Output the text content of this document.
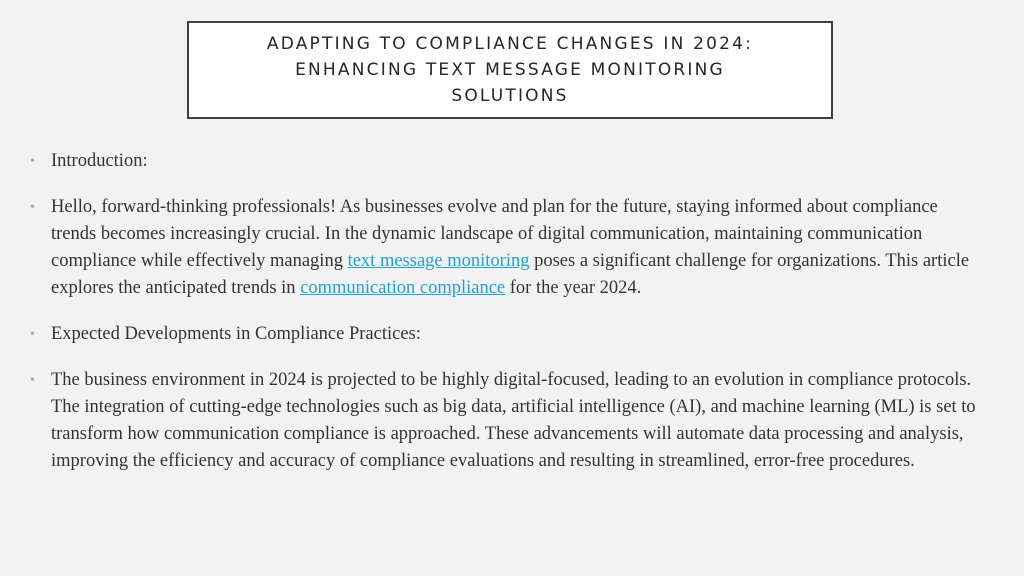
ADAPTING TO COMPLIANCE CHANGES IN 2024:
ENHANCING TEXT MESSAGE MONITORING
SOLUTIONS
• Introduction:
• Hello, forward-thinking professionals! As businesses evolve and plan for the future, staying informed about compliance trends becomes increasingly crucial. In the dynamic landscape of digital communication, maintaining communication compliance while effectively managing text message monitoring poses a significant challenge for organizations. This article explores the anticipated trends in communication compliance for the year 2024.
• Expected Developments in Compliance Practices:
• The business environment in 2024 is projected to be highly digital-focused, leading to an evolution in compliance protocols. The integration of cutting-edge technologies such as big data, artificial intelligence (AI), and machine learning (ML) is set to transform how communication compliance is approached. These advancements will automate data processing and analysis, improving the efficiency and accuracy of compliance evaluations and resulting in streamlined, error-free procedures.
